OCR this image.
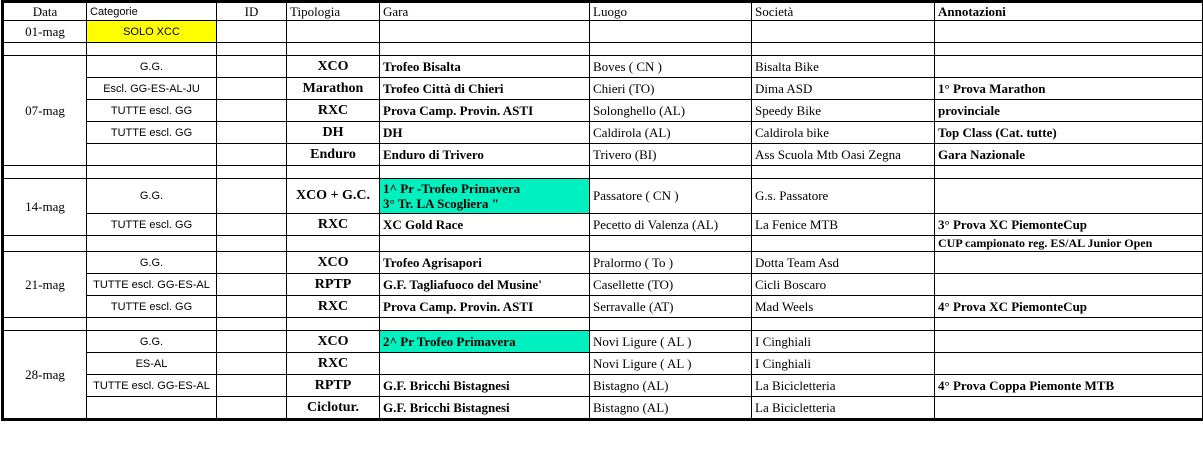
Data	Categorie	ID	Tipologia	Gara	Luogo	Società	Annotazioni
01-mag	SOLO XCC						

07-mag	G.G.		XCO	Trofeo Bisalta	Boves ( CN )	Bisalta Bike	
	Escl. GG-ES-AL-JU		Marathon	Trofeo Città di Chieri	Chieri (TO)	Dima ASD	1° Prova Marathon
	TUTTE escl. GG		RXC	Prova Camp. Provin. ASTI	Solonghello (AL)	Speedy Bike	provinciale
	TUTTE escl. GG		DH	DH	Caldirola (AL)	Caldirola bike	Top Class (Cat. tutte)
			Enduro	Enduro di Trivero	Trivero (BI)	Ass Scuola Mtb Oasi Zegna	Gara Nazionale

14-mag	G.G.		XCO + G.C.	1^ Pr -Trofeo Primavera
3° Tr. LA Scogliera "	Passatore ( CN )	G.s. Passatore	
	TUTTE escl. GG		RXC	XC Gold Race	Pecetto di Valenza (AL)	La Fenice MTB	3° Prova XC PiemonteCup
							CUP campionato reg. ES/AL Junior Open
21-mag	G.G.		XCO	Trofeo Agrisapori	Pralormo ( To )	Dotta Team Asd	
	TUTTE escl. GG-ES-AL		RPTP	G.F. Tagliafuoco del Musine'	Casellette (TO)	Cicli Boscaro	
	TUTTE escl. GG		RXC	Prova Camp. Provin. ASTI	Serravalle (AT)	Mad Weels	4° Prova XC PiemonteCup

28-mag	G.G.		XCO	2^ Pr Trofeo Primavera	Novi Ligure ( AL )	I Cinghiali	
	ES-AL		RXC		Novi Ligure ( AL )	I Cinghiali	
	TUTTE escl. GG-ES-AL		RPTP	G.F. Bricchi Bistagnesi	Bistagno (AL)	La Bicicletteria	4° Prova Coppa Piemonte MTB
			Ciclotur.	G.F. Bricchi Bistagnesi	Bistagno (AL)	La Bicicletteria	
